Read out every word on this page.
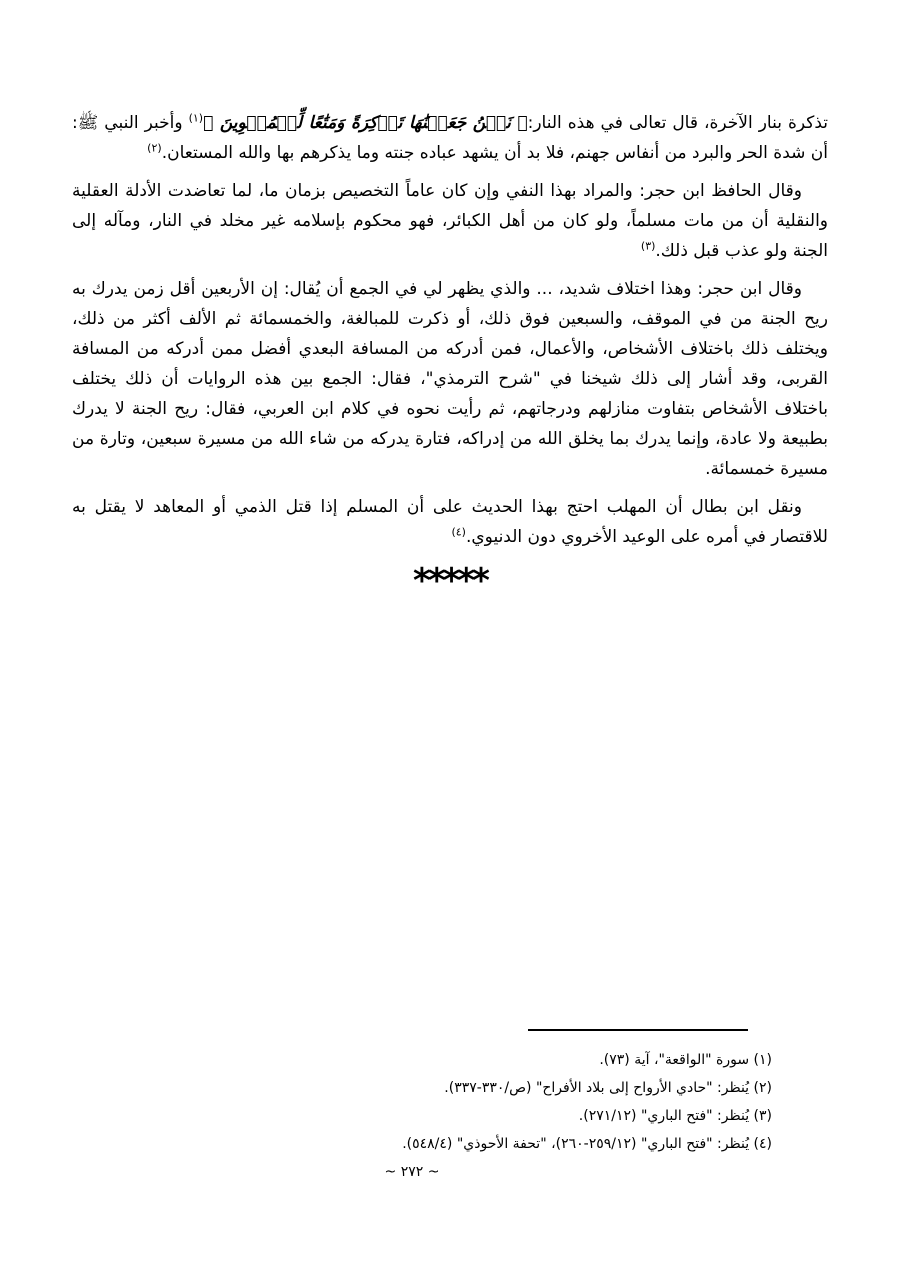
تذكرة بنار الآخرة، قال تعالى في هذه النار:﴿ نَحۡنُ جَعَلۡنَٰهَا تَذۡكِرَةً وَمَتَٰعًا لِّلۡمُقۡوِينَ ﴾$^{(١)}$ وأخبر النبي ﷺ: أن شدة الحر والبرد من أنفاس جهنم، فلا بد أن يشهد عباده جنته وما يذكرهم بها والله المستعان.$^{(٢)}$

وقال الحافظ ابن حجر: والمراد بهذا النفي وإن كان عاماً التخصيص بزمان ما، لما تعاضدت الأدلة العقلية والنقلية أن من مات مسلماً، ولو كان من أهل الكبائر، فهو محكوم بإسلامه غير مخلد في النار، ومآله إلى الجنة ولو عذب قبل ذلك.$^{(٣)}$

وقال ابن حجر: وهذا اختلاف شديد، ... والذي يظهر لي في الجمع أن يُقال: إن الأربعين أقل زمن يدرك به ريح الجنة من في الموقف، والسبعين فوق ذلك، أو ذكرت للمبالغة، والخمسمائة ثم الألف أكثر من ذلك، ويختلف ذلك باختلاف الأشخاص، والأعمال، فمن أدركه من المسافة البعدي أفضل ممن أدركه من المسافة القربى، وقد أشار إلى ذلك شيخنا في "شرح الترمذي"، فقال: الجمع بين هذه الروايات أن ذلك يختلف باختلاف الأشخاص بتفاوت منازلهم ودرجاتهم، ثم رأيت نحوه في كلام ابن العربي، فقال: ريح الجنة لا يدرك بطبيعة ولا عادة، وإنما يدرك بما يخلق الله من إدراكه، فتارة يدركه من شاء الله من مسيرة سبعين، وتارة من مسيرة خمسمائة.

ونقل ابن بطال أن المهلب احتج بهذا الحديث على أن المسلم إذا قتل الذمي أو المعاهد لا يقتل به للاقتصار في أمره على الوعيد الأخروي دون الدنيوي.$^{(٤)}$

*****

(١) سورة "الواقعة"، آية (٧٣).

(٢) يُنظر: "حادي الأرواح إلى بلاد الأفراح" (ص/٣٣٠-٣٣٧).

(٣) يُنظر: "فتح الباري" (٢٧١/١٢).

(٤) يُنظر: "فتح الباري" (٢٥٩/١٢-٢٦٠)، "تحفة الأحوذي" (٥٤٨/٤).

~ ٢٧٢ ~
